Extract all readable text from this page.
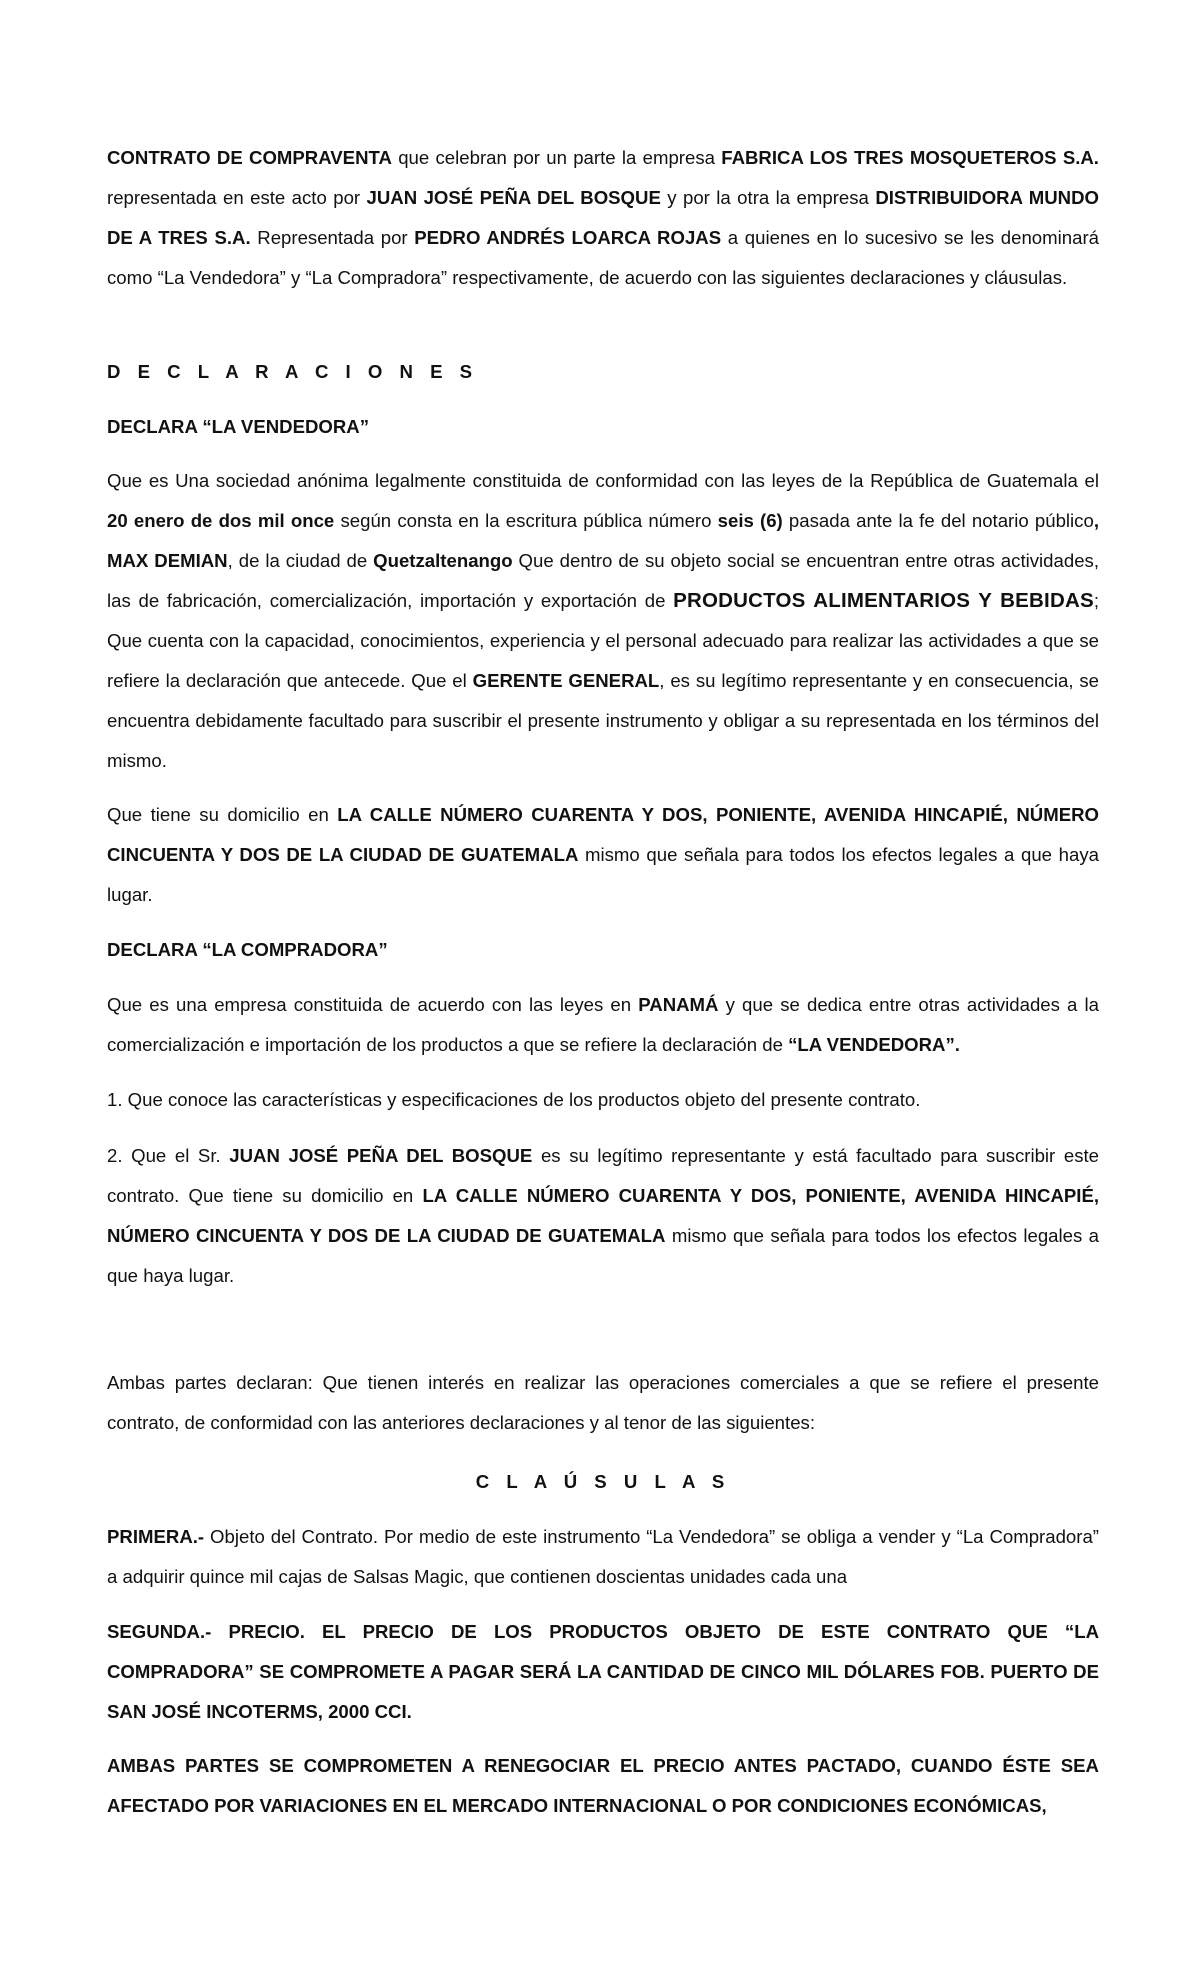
CONTRATO DE COMPRAVENTA que celebran por un parte la empresa FABRICA LOS TRES MOSQUETEROS S.A. representada en este acto por JUAN JOSÉ PEÑA DEL BOSQUE y por la otra la empresa DISTRIBUIDORA MUNDO DE A TRES S.A. Representada por PEDRO ANDRÉS LOARCA ROJAS a quienes en lo sucesivo se les denominará como “La Vendedora” y “La Compradora” respectivamente, de acuerdo con las siguientes declaraciones y cláusulas.

D E C L A R A C I O N E S

DECLARA “LA VENDEDORA”

Que es Una sociedad anónima legalmente constituida de conformidad con las leyes de la República de Guatemala el 20 enero de dos mil once según consta en la escritura pública número seis (6) pasada ante la fe del notario público, MAX DEMIAN, de la ciudad de Quetzaltenango Que dentro de su objeto social se encuentran entre otras actividades, las de fabricación, comercialización, importación y exportación de PRODUCTOS ALIMENTARIOS Y BEBIDAS; Que cuenta con la capacidad, conocimientos, experiencia y el personal adecuado para realizar las actividades a que se refiere la declaración que antecede. Que el GERENTE GENERAL, es su legítimo representante y en consecuencia, se encuentra debidamente facultado para suscribir el presente instrumento y obligar a su representada en los términos del mismo.

Que tiene su domicilio en LA CALLE NÚMERO CUARENTA Y DOS, PONIENTE, AVENIDA HINCAPIÉ, NÚMERO CINCUENTA Y DOS DE LA CIUDAD DE GUATEMALA mismo que señala para todos los efectos legales a que haya lugar.

DECLARA “LA COMPRADORA”

Que es una empresa constituida de acuerdo con las leyes en PANAMÁ y que se dedica entre otras actividades a la comercialización e importación de los productos a que se refiere la declaración de “LA VENDEDORA”.

1. Que conoce las características y especificaciones de los productos objeto del presente contrato.

2. Que el Sr. JUAN JOSÉ PEÑA DEL BOSQUE es su legítimo representante y está facultado para suscribir este contrato. Que tiene su domicilio en LA CALLE NÚMERO CUARENTA Y DOS, PONIENTE, AVENIDA HINCAPIÉ, NÚMERO CINCUENTA Y DOS DE LA CIUDAD DE GUATEMALA mismo que señala para todos los efectos legales a que haya lugar.

Ambas partes declaran: Que tienen interés en realizar las operaciones comerciales a que se refiere el presente contrato, de conformidad con las anteriores declaraciones y al tenor de las siguientes:

C L A Ú S U L A S

PRIMERA.- Objeto del Contrato. Por medio de este instrumento “La Vendedora” se obliga a vender y “La Compradora” a adquirir quince mil cajas de Salsas Magic, que contienen doscientas unidades cada una

SEGUNDA.- PRECIO. EL PRECIO DE LOS PRODUCTOS OBJETO DE ESTE CONTRATO QUE “LA COMPRADORA” SE COMPROMETE A PAGAR SERÁ LA CANTIDAD DE CINCO MIL DÓLARES FOB. PUERTO DE SAN JOSÉ INCOTERMS, 2000 CCI.

AMBAS PARTES SE COMPROMETEN A RENEGOCIAR EL PRECIO ANTES PACTADO, CUANDO ÉSTE SEA AFECTADO POR VARIACIONES EN EL MERCADO INTERNACIONAL O POR CONDICIONES ECONÓMICAS,
